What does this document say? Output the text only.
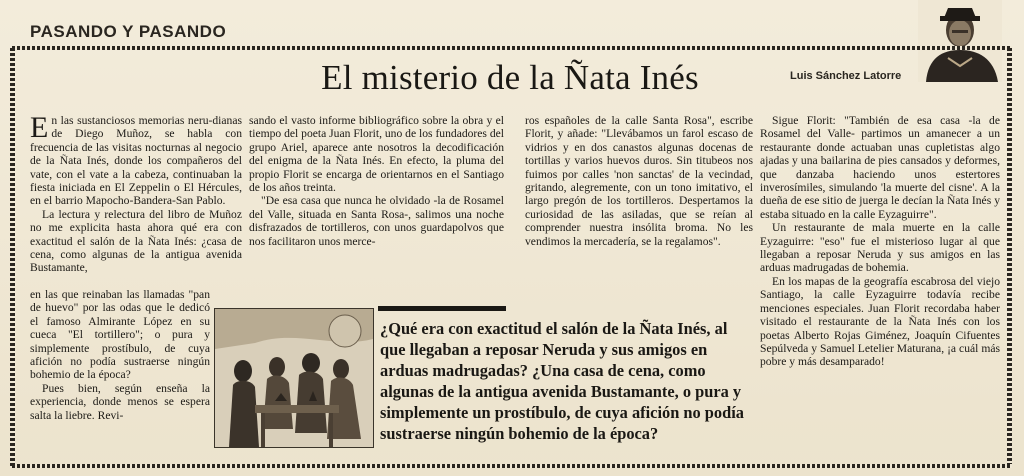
PASANDO Y PASANDO
El misterio de la Ñata Inés	Luis Sánchez Latorre

En las sustanciosos memorias neru-dianas de Diego Muñoz, se habla con frecuencia de las visitas nocturnas al negocio de la Ñata Inés, donde los compañeros del vate, con el vate a la cabeza, continuaban la fiesta iniciada en El Zeppelin o El Hércules, en el barrio Mapocho-Bandera-San Pablo.

La lectura y relectura del libro de Muñoz no me explicita hasta ahora qué era con exactitud el salón de la Ñata Inés: ¿casa de cena, como algunas de la antigua avenida Bustamante,

en las que reinaban las llamadas "pan de huevo" por las odas que le dedicó el famoso Almirante López en su cueca "El tortillero"; o pura y simplemente prostíbulo, de cuya afición no podía sustraerse ningún bohemio de la época?

Pues bien, según enseña la experiencia, donde menos se espera salta la liebre. Revi-

sando el vasto informe bibliográfico sobre la obra y el tiempo del poeta Juan Florit, uno de los fundadores del grupo Ariel, aparece ante nosotros la decodificación del enigma de la Ñata Inés. En efecto, la pluma del propio Florit se encarga de orientarnos en el Santiago de los años treinta.

"De esa casa que nunca he olvidado -la de Rosamel del Valle, situada en Santa Rosa-, salimos una noche disfrazados de tortilleros, con unos guardapolvos que nos facilitaron unos merce-

ros españoles de la calle Santa Rosa", escribe Florit, y añade: "Llevábamos un farol escaso de vidrios y en dos canastos algunas docenas de tortillas y varios huevos duros. Sin titubeos nos fuimos por calles 'non sanctas' de la vecindad, gritando, alegremente, con un tono imitativo, el largo pregón de los tortilleros. Despertamos la curiosidad de las asiladas, que se reían al comprender nuestra insólita broma. No les vendimos la mercadería, se la regalamos".

Sigue Florit: "También de esa casa -la de Rosamel del Valle- partimos un amanecer a un restaurante donde actuaban unas cupletistas algo ajadas y una bailarina de pies cansados y deformes, que danzaba haciendo unos estertores inverosímiles, simulando 'la muerte del cisne'. A la dueña de ese sitio de juerga le decían la Ñata Inés y estaba situado en la calle Eyzaguirre".

Un restaurante de mala muerte en la calle Eyzaguirre: "eso" fue el misterioso lugar al que llegaban a reposar Neruda y sus amigos en las arduas madrugadas de bohemia.

En los mapas de la geografía escabrosa del viejo Santiago, la calle Eyzaguirre todavía recibe menciones especiales. Juan Florit recordaba haber visitado el restaurante de la Ñata Inés con los poetas Alberto Rojas Giménez, Joaquín Cifuentes Sepúlveda y Samuel Letelier Maturana, ¡a cuál más pobre y más desamparado!

¿Qué era con exactitud el salón de la Ñata Inés, al que llegaban a reposar Neruda y sus amigos en arduas madrugadas? ¿Una casa de cena, como algunas de la antigua avenida Bustamante, o pura y simplemente un prostíbulo, de cuya afición no podía sustraerse ningún bohemio de la época?
